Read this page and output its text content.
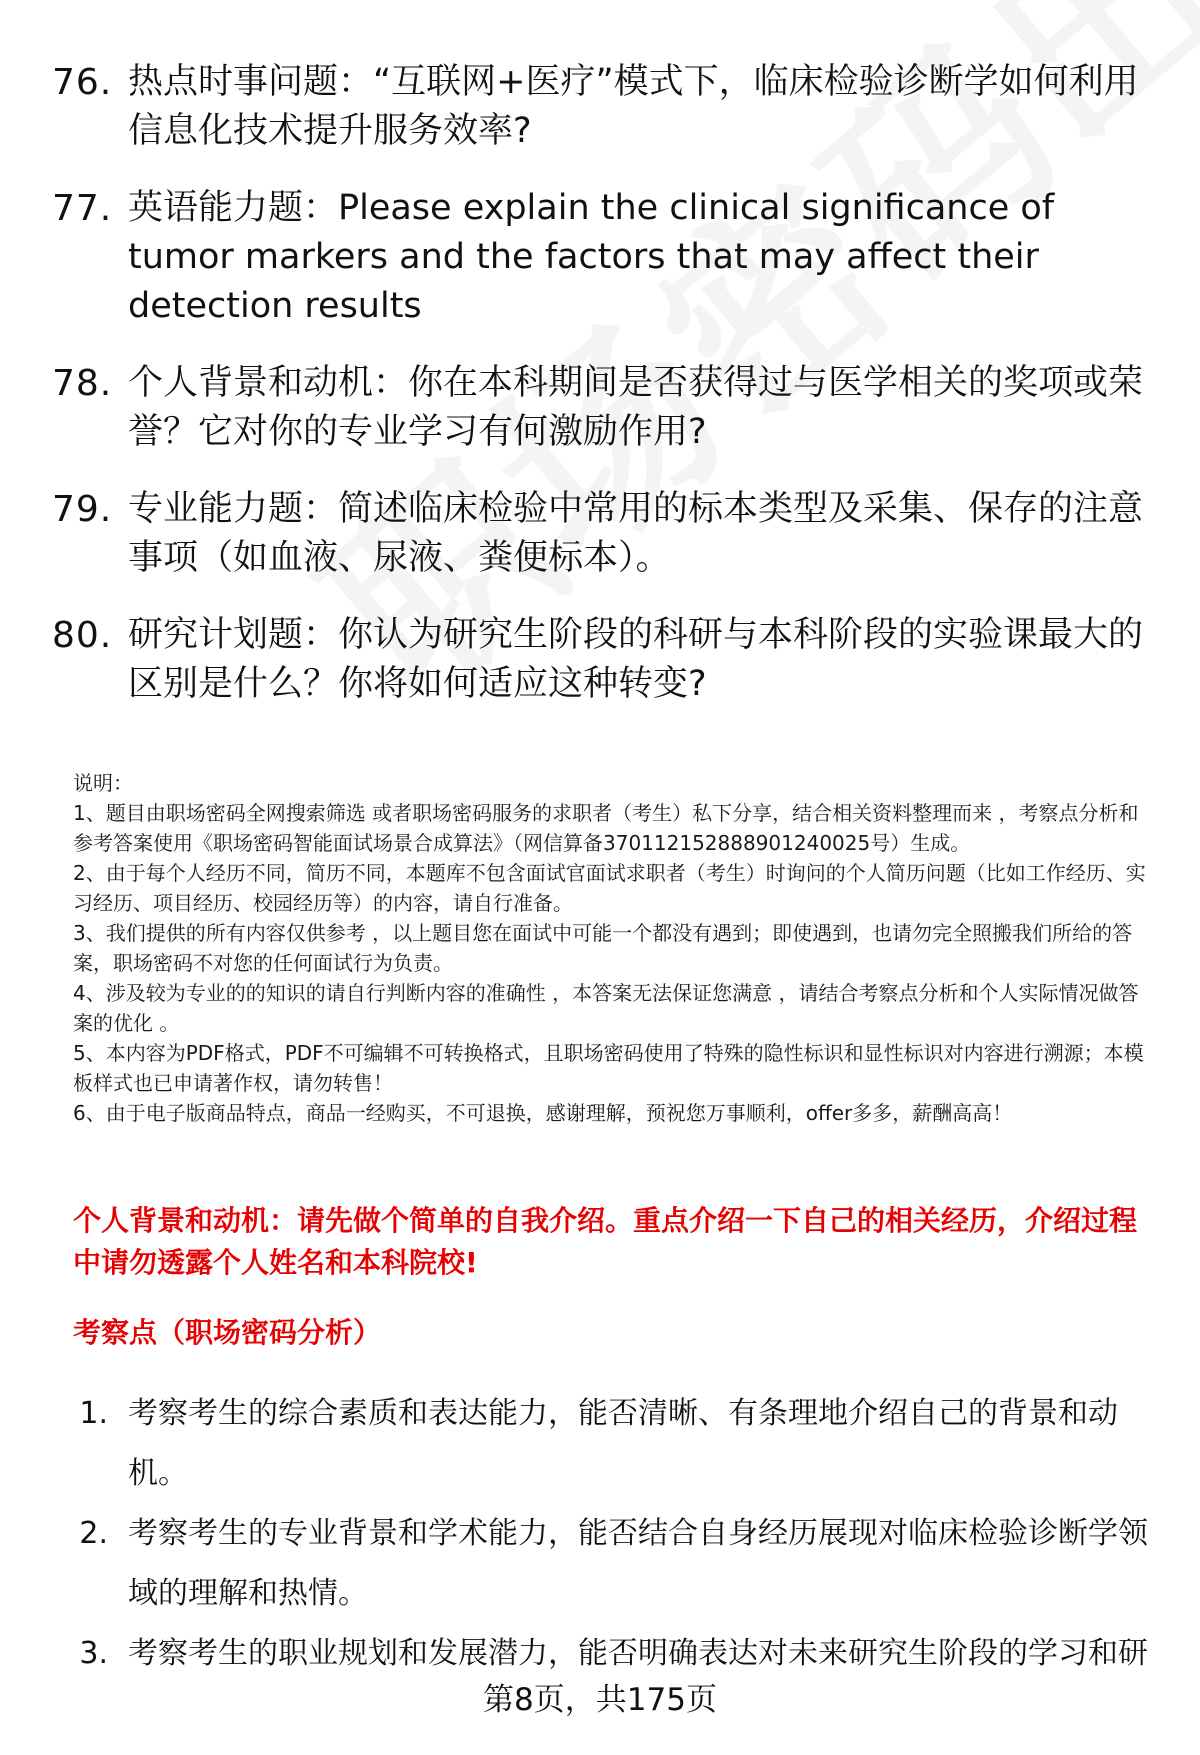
76. 热点时事问题：“互联网+医疗”模式下，临床检验诊断学如何利用信息化技术提升服务效率?
77. 英语能力题：Please explain the clinical significance of tumor markers and the factors that may affect their detection results
78. 个人背景和动机：你在本科期间是否获得过与医学相关的奖项或荣誉？它对你的专业学习有何激励作用?
79. 专业能力题：简述临床检验中常用的标本类型及采集、保存的注意事项（如血液、尿液、粪便标本）。
80. 研究计划题：你认为研究生阶段的科研与本科阶段的实验课最大的区别是什么？你将如何适应这种转变?

说明：

1、题目由职场密码全网搜索筛选 或者职场密码服务的求职者（考生）私下分享，结合相关资料整理而来 ，考察点分析和参考答案使用《职场密码智能面试场景合成算法》（网信算备370112152888901240025号）生成。

2、由于每个人经历不同，简历不同，本题库不包含面试官面试求职者（考生）时询问的个人简历问题（比如工作经历、实习经历、项目经历、校园经历等）的内容，请自行准备。

3、我们提供的所有内容仅供参考 ，以上题目您在面试中可能一个都没有遇到；即使遇到，也请勿完全照搬我们所给的答案，职场密码不对您的任何面试行为负责。

4、涉及较为专业的的知识的请自行判断内容的准确性 ，本答案无法保证您满意 ，请结合考察点分析和个人实际情况做答案的优化 。

5、本内容为PDF格式，PDF不可编辑不可转换格式，且职场密码使用了特殊的隐性标识和显性标识对内容进行溯源；本模板样式也已申请著作权，请勿转售！

6、由于电子版商品特点，商品一经购买，不可退换，感谢理解，预祝您万事顺利，offer多多，薪酬高高！

个人背景和动机：请先做个简单的自我介绍。重点介绍一下自己的相关经历，介绍过程中请勿透露个人姓名和本科院校!
考察点（职场密码分析）
1. 考察考生的综合素质和表达能力，能否清晰、有条理地介绍自己的背景和动机。
2. 考察考生的专业背景和学术能力，能否结合自身经历展现对临床检验诊断学领域的理解和热情。
3. 考察考生的职业规划和发展潜力，能否明确表达对未来研究生阶段的学习和研
第8页，共175页
